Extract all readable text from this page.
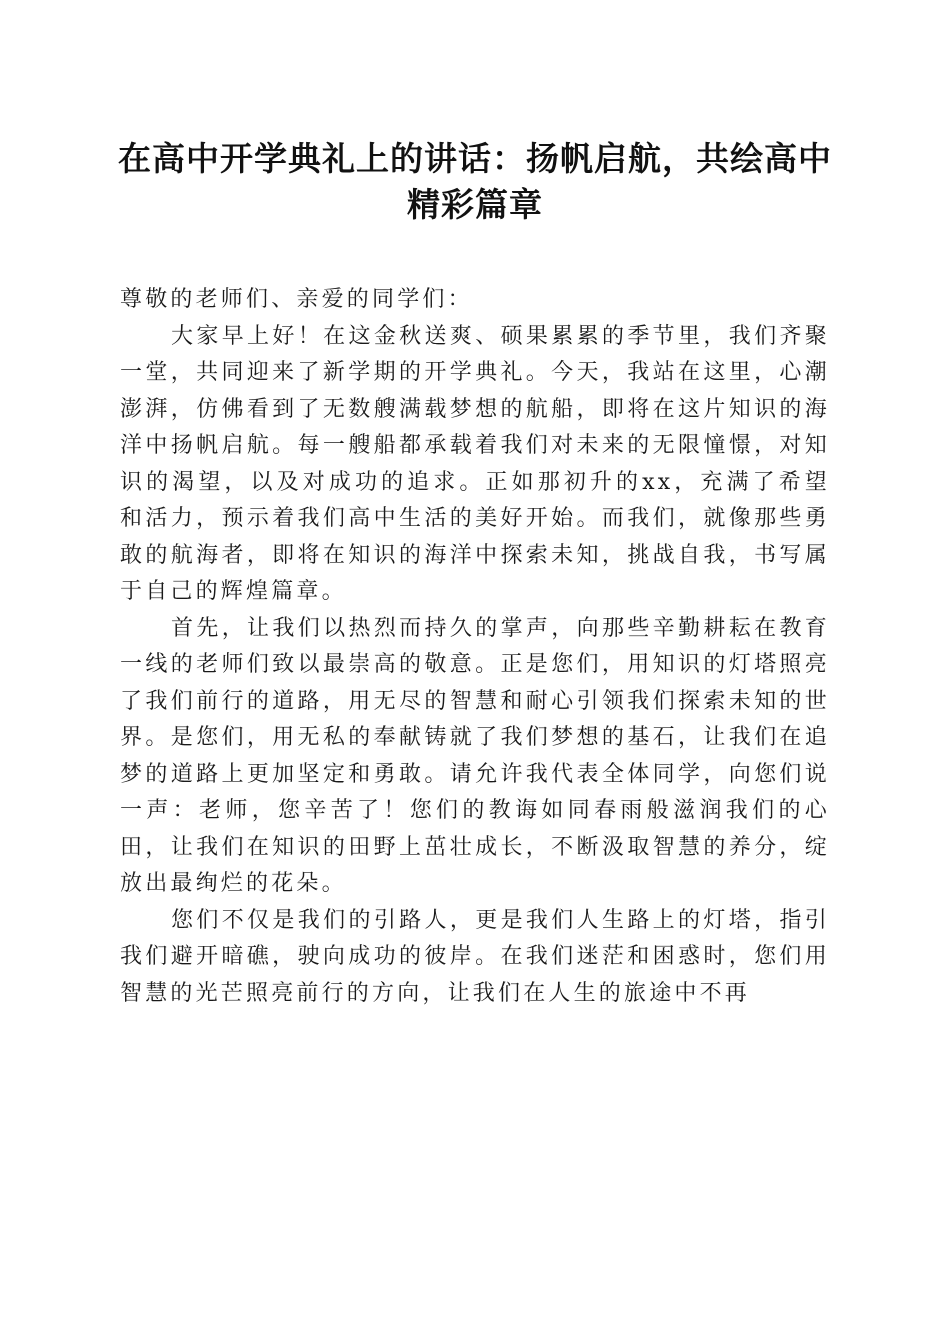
在高中开学典礼上的讲话：扬帆启航，共绘高中精彩篇章

尊敬的老师们、亲爱的同学们：

大家早上好！在这金秋送爽、硕果累累的季节里，我们齐聚一堂，共同迎来了新学期的开学典礼。今天，我站在这里，心潮澎湃，仿佛看到了无数艘满载梦想的航船，即将在这片知识的海洋中扬帆启航。每一艘船都承载着我们对未来的无限憧憬，对知识的渴望，以及对成功的追求。正如那初升的xx，充满了希望和活力，预示着我们高中生活的美好开始。而我们，就像那些勇敢的航海者，即将在知识的海洋中探索未知，挑战自我，书写属于自己的辉煌篇章。

首先，让我们以热烈而持久的掌声，向那些辛勤耕耘在教育一线的老师们致以最崇高的敬意。正是您们，用知识的灯塔照亮了我们前行的道路，用无尽的智慧和耐心引领我们探索未知的世界。是您们，用无私的奉献铸就了我们梦想的基石，让我们在追梦的道路上更加坚定和勇敢。请允许我代表全体同学，向您们说一声：老师，您辛苦了！您们的教诲如同春雨般滋润我们的心田，让我们在知识的田野上茁壮成长，不断汲取智慧的养分，绽放出最绚烂的花朵。

您们不仅是我们的引路人，更是我们人生路上的灯塔，指引我们避开暗礁，驶向成功的彼岸。在我们迷茫和困惑时，您们用智慧的光芒照亮前行的方向，让我们在人生的旅途中不再
